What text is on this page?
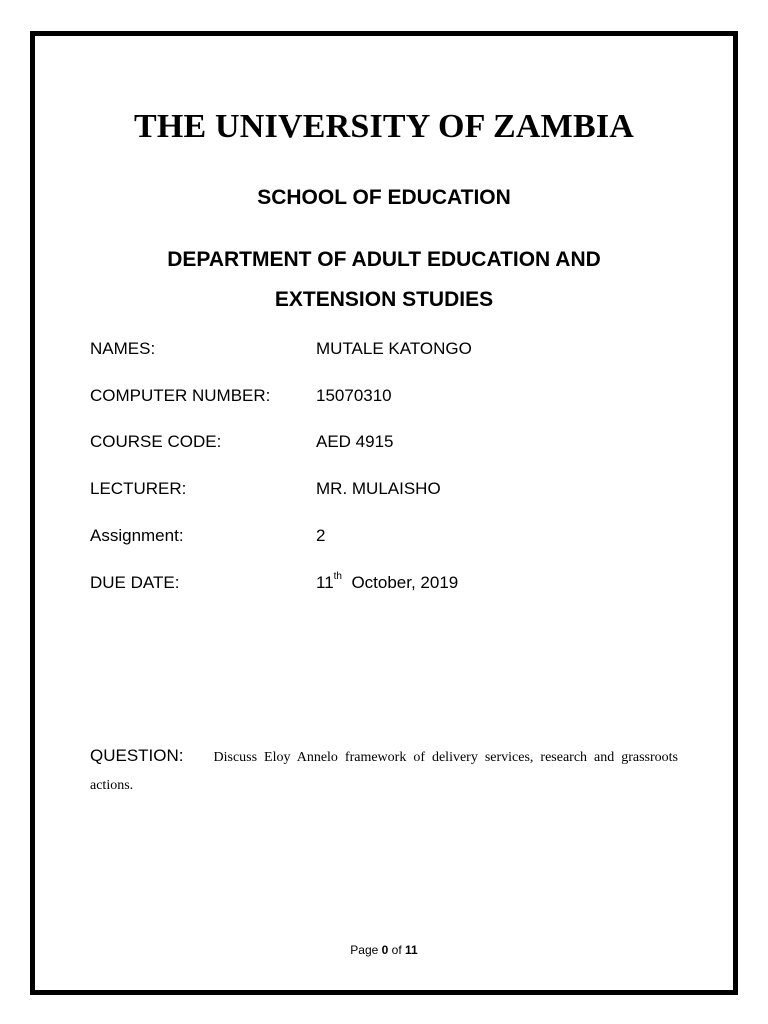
THE UNIVERSITY OF ZAMBIA
SCHOOL OF EDUCATION
DEPARTMENT OF ADULT EDUCATION AND
EXTENSION STUDIES
NAMES:	MUTALE KATONGO
COMPUTER NUMBER:	15070310
COURSE CODE:	AED 4915
LECTURER:	MR. MULAISHO
Assignment:	2
DUE DATE:	11th October, 2019
QUESTION: Discuss Eloy Annelo framework of delivery services, research and grassroots actions.
Page 0 of 11
